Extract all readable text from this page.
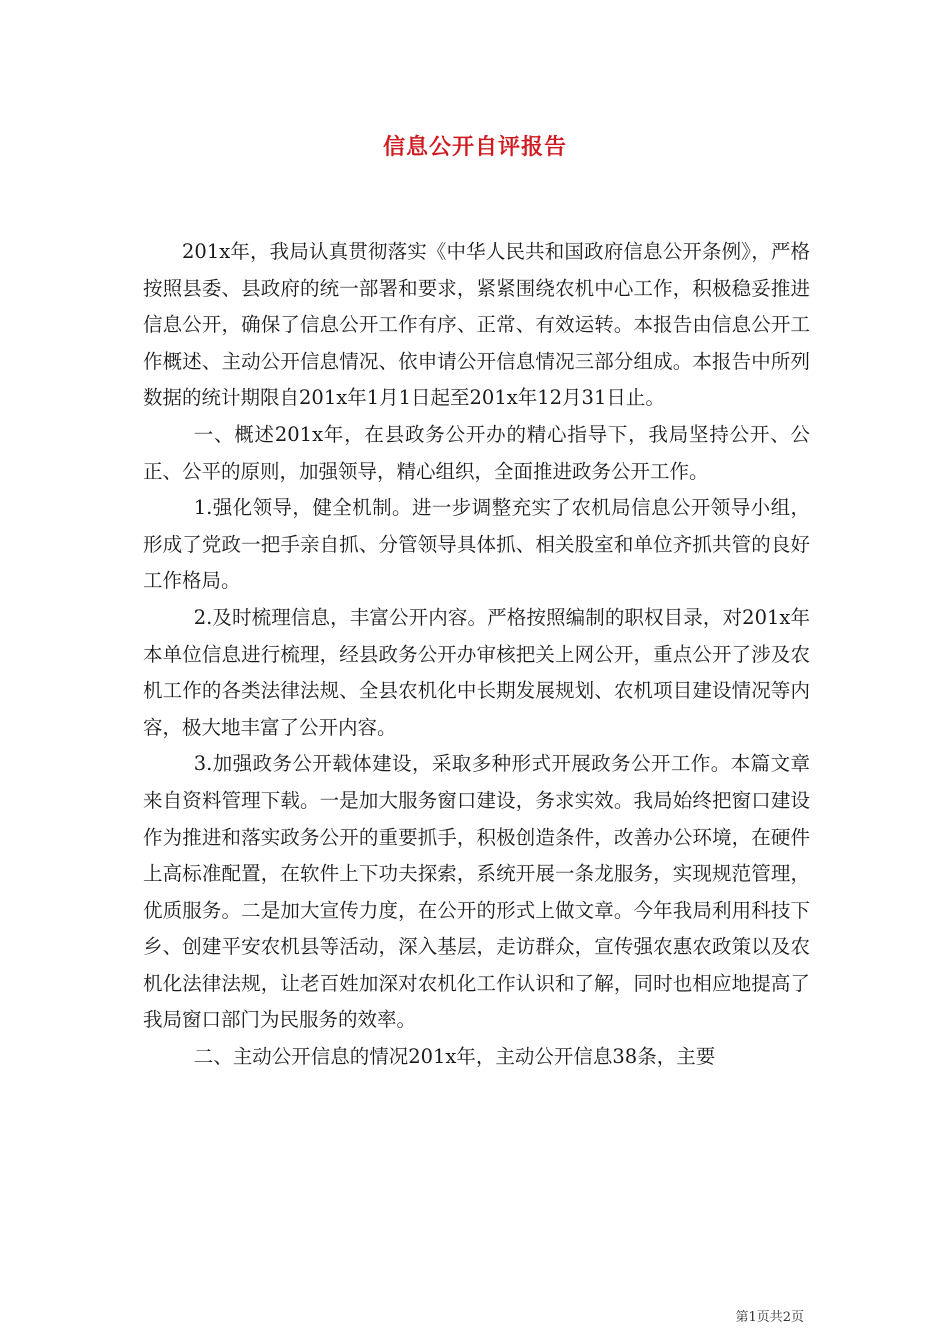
信息公开自评报告

201x年，我局认真贯彻落实《中华人民共和国政府信息公开条例》，严格按照县委、县政府的统一部署和要求，紧紧围绕农机中心工作，积极稳妥推进信息公开，确保了信息公开工作有序、正常、有效运转。本报告由信息公开工作概述、主动公开信息情况、依申请公开信息情况三部分组成。本报告中所列数据的统计期限自201x年1月1日起至201x年12月31日止。

一、概述201x年，在县政务公开办的精心指导下，我局坚持公开、公正、公平的原则，加强领导，精心组织，全面推进政务公开工作。

1.强化领导，健全机制。进一步调整充实了农机局信息公开领导小组，形成了党政一把手亲自抓、分管领导具体抓、相关股室和单位齐抓共管的良好工作格局。

2.及时梳理信息，丰富公开内容。严格按照编制的职权目录，对201x年本单位信息进行梳理，经县政务公开办审核把关上网公开，重点公开了涉及农机工作的各类法律法规、全县农机化中长期发展规划、农机项目建设情况等内容，极大地丰富了公开内容。

3.加强政务公开载体建设，采取多种形式开展政务公开工作。本篇文章来自资料管理下载。一是加大服务窗口建设，务求实效。我局始终把窗口建设作为推进和落实政务公开的重要抓手，积极创造条件，改善办公环境，在硬件上高标准配置，在软件上下功夫探索，系统开展一条龙服务，实现规范管理，优质服务。二是加大宣传力度，在公开的形式上做文章。今年我局利用科技下乡、创建平安农机县等活动，深入基层，走访群众，宣传强农惠农政策以及农机化法律法规，让老百姓加深对农机化工作认识和了解，同时也相应地提高了我局窗口部门为民服务的效率。

二、主动公开信息的情况201x年，主动公开信息38条，主要

第1页共2页
